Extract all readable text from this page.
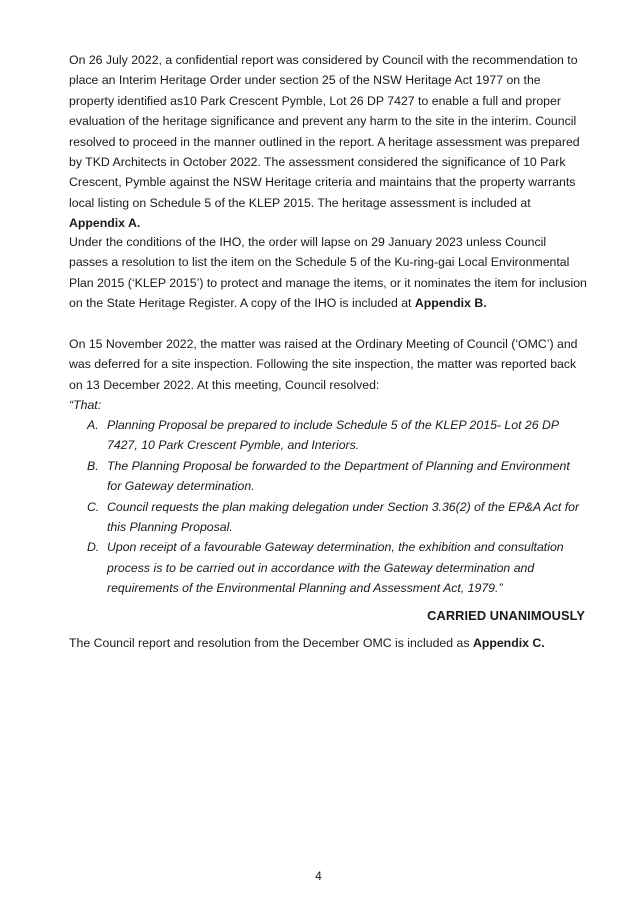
On 26 July 2022, a confidential report was considered by Council with the recommendation to place an Interim Heritage Order under section 25 of the NSW Heritage Act 1977 on the property identified as10 Park Crescent Pymble, Lot 26 DP 7427 to enable a full and proper evaluation of the heritage significance and prevent any harm to the site in the interim. Council resolved to proceed in the manner outlined in the report. A heritage assessment was prepared by TKD Architects in October 2022. The assessment considered the significance of 10 Park Crescent, Pymble against the NSW Heritage criteria and maintains that the property warrants local listing on Schedule 5 of the KLEP 2015. The heritage assessment is included at Appendix A.

Under the conditions of the IHO, the order will lapse on 29 January 2023 unless Council passes a resolution to list the item on the Schedule 5 of the Ku-ring-gai Local Environmental Plan 2015 (‘KLEP 2015’) to protect and manage the items, or it nominates the item for inclusion on the State Heritage Register. A copy of the IHO is included at Appendix B.

On 15 November 2022, the matter was raised at the Ordinary Meeting of Council (‘OMC’) and was deferred for a site inspection. Following the site inspection, the matter was reported back on 13 December 2022. At this meeting, Council resolved:

“That:

A. Planning Proposal be prepared to include Schedule 5 of the KLEP 2015- Lot 26 DP 7427, 10 Park Crescent Pymble, and Interiors.
B. The Planning Proposal be forwarded to the Department of Planning and Environment for Gateway determination.
C. Council requests the plan making delegation under Section 3.36(2) of the EP&A Act for this Planning Proposal.
D. Upon receipt of a favourable Gateway determination, the exhibition and consultation process is to be carried out in accordance with the Gateway determination and requirements of the Environmental Planning and Assessment Act, 1979.”
CARRIED UNANIMOUSLY

The Council report and resolution from the December OMC is included as Appendix C.

4
